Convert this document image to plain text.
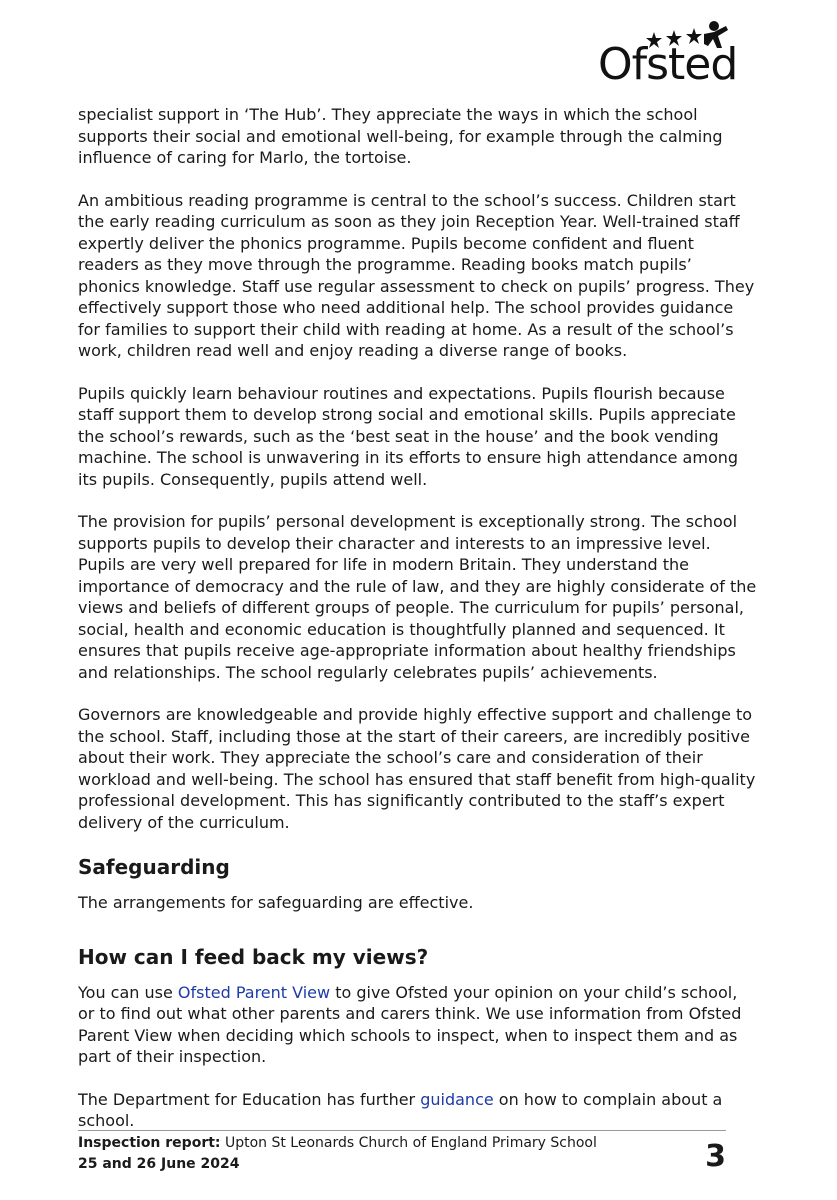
Ofsted

specialist support in ‘The Hub’. They appreciate the ways in which the school supports their social and emotional well-being, for example through the calming influence of caring for Marlo, the tortoise.

An ambitious reading programme is central to the school’s success. Children start the early reading curriculum as soon as they join Reception Year. Well-trained staff expertly deliver the phonics programme. Pupils become confident and fluent readers as they move through the programme. Reading books match pupils’ phonics knowledge. Staff use regular assessment to check on pupils’ progress. They effectively support those who need additional help. The school provides guidance for families to support their child with reading at home. As a result of the school’s work, children read well and enjoy reading a diverse range of books.

Pupils quickly learn behaviour routines and expectations. Pupils flourish because staff support them to develop strong social and emotional skills. Pupils appreciate the school’s rewards, such as the ‘best seat in the house’ and the book vending machine. The school is unwavering in its efforts to ensure high attendance among its pupils. Consequently, pupils attend well.

The provision for pupils’ personal development is exceptionally strong. The school supports pupils to develop their character and interests to an impressive level. Pupils are very well prepared for life in modern Britain. They understand the importance of democracy and the rule of law, and they are highly considerate of the views and beliefs of different groups of people. The curriculum for pupils’ personal, social, health and economic education is thoughtfully planned and sequenced. It ensures that pupils receive age-appropriate information about healthy friendships and relationships. The school regularly celebrates pupils’ achievements.

Governors are knowledgeable and provide highly effective support and challenge to the school. Staff, including those at the start of their careers, are incredibly positive about their work. They appreciate the school’s care and consideration of their workload and well-being. The school has ensured that staff benefit from high-quality professional development. This has significantly contributed to the staff’s expert delivery of the curriculum.

Safeguarding

The arrangements for safeguarding are effective.

How can I feed back my views?

You can use Ofsted Parent View to give Ofsted your opinion on your child’s school, or to find out what other parents and carers think. We use information from Ofsted Parent View when deciding which schools to inspect, when to inspect them and as part of their inspection.

The Department for Education has further guidance on how to complain about a school.

Inspection report: Upton St Leonards Church of England Primary School
25 and 26 June 2024	3
